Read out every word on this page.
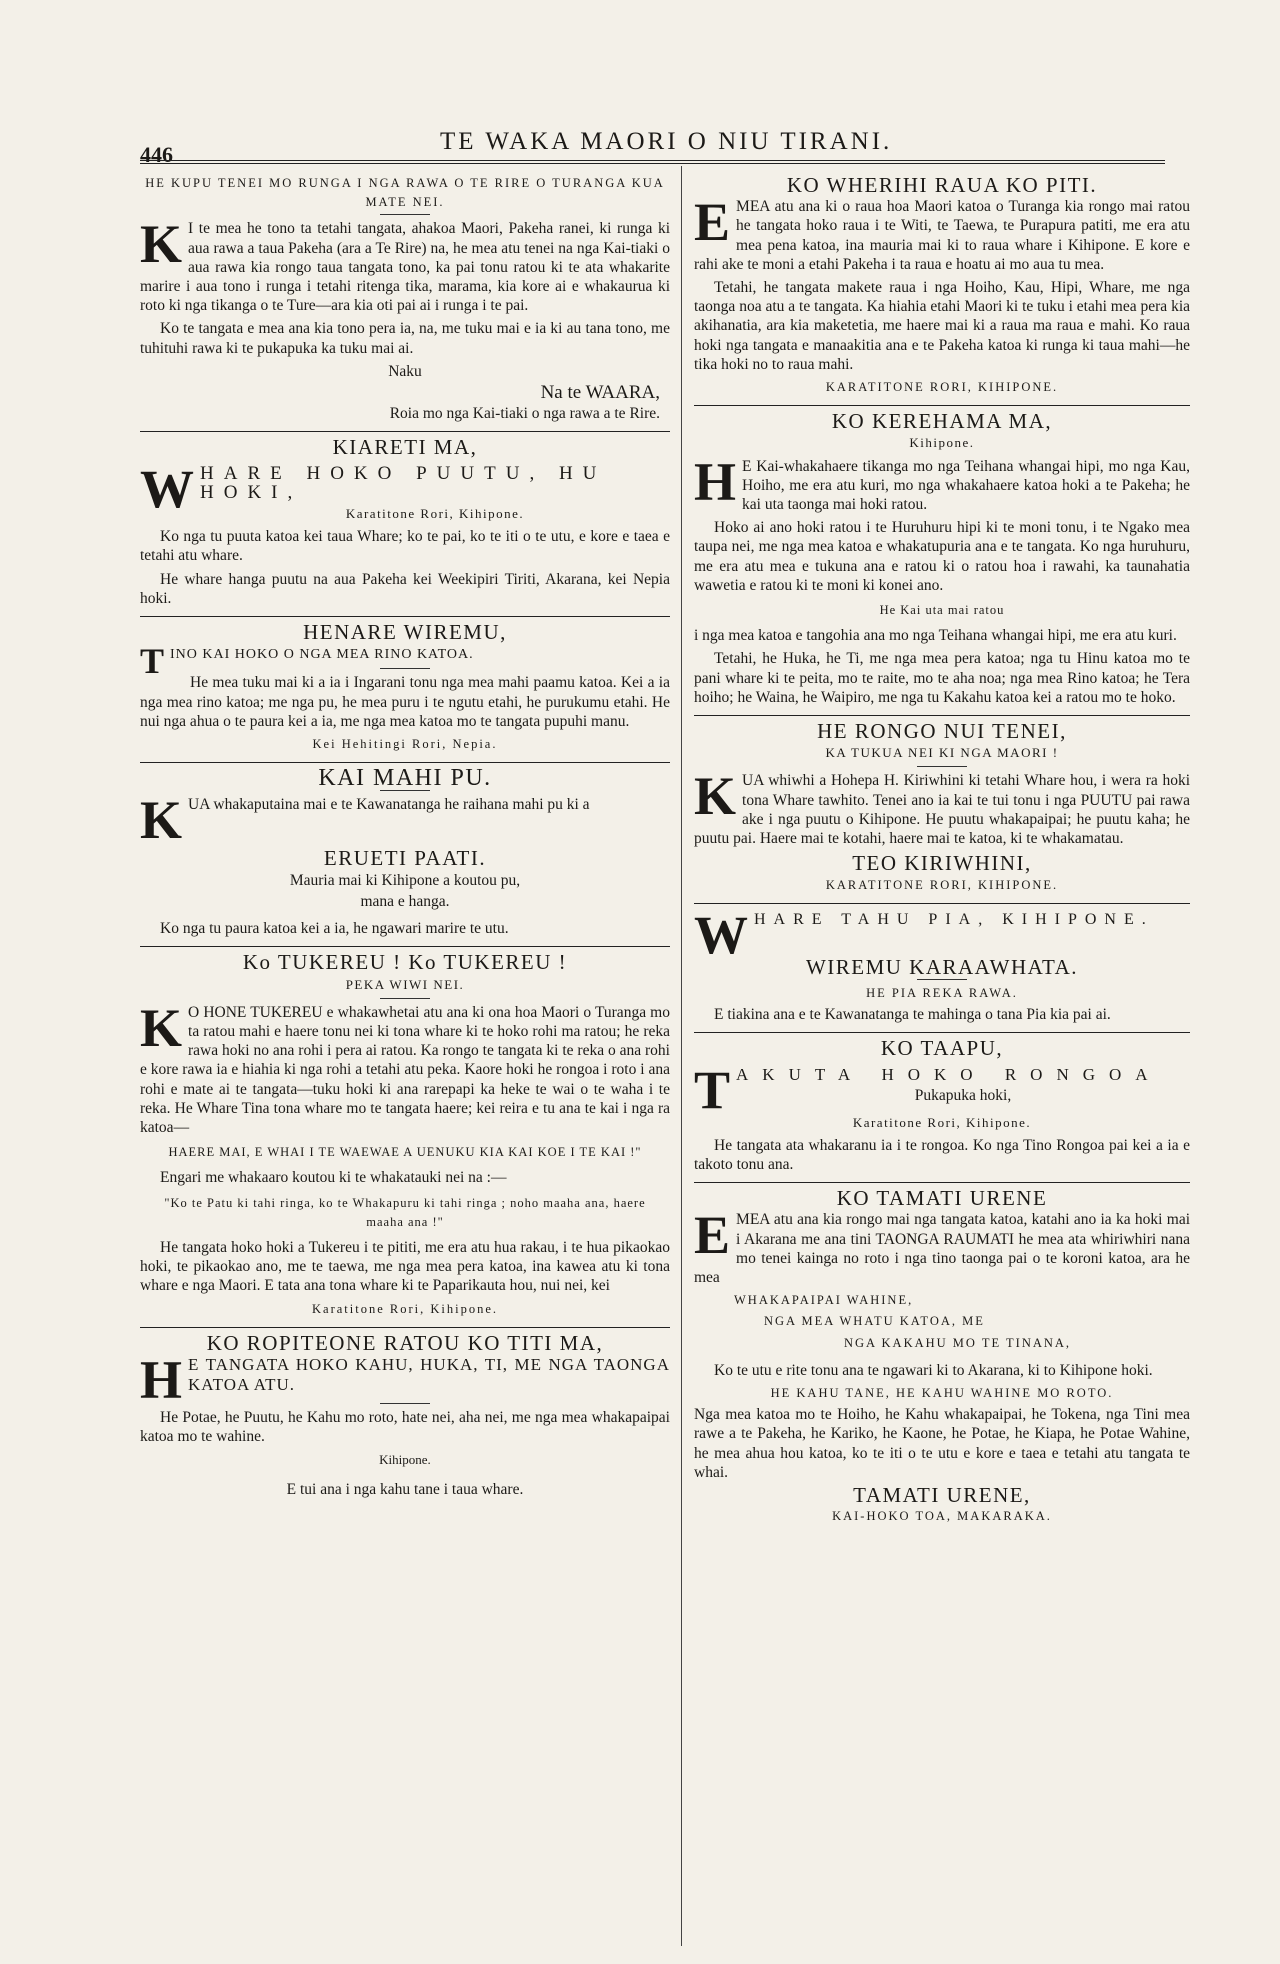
446	TE WAKA MAORI O NIU TIRANI.
HE KUPU TENEI MO RUNGA I NGA RAWA O TE RIRE O TURANGA KUA MATE NEI.

K I te mea he tono ta tetahi tangata, ahakoa Maori, Pakeha ranei, ki runga ki aua rawa a taua Pakeha (ara a Te Rire) na, he mea atu tenei na nga Kai-tiaki o aua rawa kia rongo taua tangata tono, ka pai tonu ratou ki te ata whakarite marire i aua tono i runga i tetahi ritenga tika, marama, kia kore ai e whakaurua ki roto ki nga tikanga o te Ture—ara kia oti pai ai i runga i te pai.

Ko te tangata e mea ana kia tono pera ia, na, me tuku mai e ia ki au tana tono, me tuhituhi rawa ki te pukapuka ka tuku mai ai.

Naku
Na te WAARA,
Roia mo nga Kai-tiaki o nga rawa a te Rire.
KIARETI MA,
W HARE HOKO PUUTU, HU HOKI,
Karatitone Rori, Kihipone.

Ko nga tu puuta katoa kei taua Whare; ko te pai, ko te iti o te utu, e kore e taea e tetahi atu whare.

He whare hanga puutu na aua Pakeha kei Weekipiri Tiriti, Akarana, kei Nepia hoki.

HENARE WIREMU,

TINO KAI HOKO O NGA MEA RINO KATOA.

He mea tuku mai ki a ia i Ingarani tonu nga mea mahi paamu katoa. Kei a ia nga mea rino katoa; me nga pu, he mea puru i te ngutu etahi, he purukumu etahi. He nui nga ahua o te paura kei a ia, me nga mea katoa mo te tangata pupuhi manu.

Kei Hehitingi Rori, Nepia.
KAI MAHI PU.

KUA whakaputaina mai e te Kawanatanga he raihana mahi pu ki a

ERUETI PAATI.
Mauria mai ki Kihipone a koutou pu,
mana e hanga.

Ko nga tu paura katoa kei a ia, he ngawari marire te utu.

Ko TUKEREU ! Ko TUKEREU !
PEKA WIWI NEI.

K O HONE TUKEREU e whakawhetai atu ana ki ona hoa Maori o Turanga mo ta ratou mahi e haere tonu nei ki tona whare ki te hoko rohi ma ratou; he reka rawa hoki no ana rohi i pera ai ratou. Ka rongo te tangata ki te reka o ana rohi e kore rawa ia e hiahia ki nga rohi a tetahi atu peka. Kaore hoki he rongoa i roto i ana rohi e mate ai te tangata—tuku hoki ki ana rarepapi ka heke te wai o te waha i te reka. He Whare Tina tona whare mo te tangata haere; kei reira e tu ana te kai i nga ra katoa—

HAERE MAI, E WHAI I TE WAEWAE A UENUKU KIA KAI KOE I TE KAI !"

Engari me whakaaro koutou ki te whakatauki nei na :—

"Ko te Patu ki tahi ringa, ko te Whakapuru ki tahi ringa ; noho maaha ana, haere maaha ana !"

He tangata hoko hoki a Tukereu i te pititi, me era atu hua rakau, i te hua pikaokao hoki, te pikaokao ano, me te taewa, me nga mea pera katoa, ina kawea atu ki tona whare e nga Maori. E tata ana tona whare ki te Paparikauta hou, nui nei, kei

Karatitone Rori, Kihipone.
KO ROPITEONE RATOU KO TITI MA,

H E TANGATA HOKO KAHU, HUKA, TI, ME NGA TAONGA KATOA ATU.

He Potae, he Puutu, he Kahu mo roto, hate nei, aha nei, me nga mea whakapaipai katoa mo te wahine.

Kihipone.
E tui ana i nga kahu tane i taua whare.
KO WHERIHI RAUA KO PITI.

EMEA atu ana ki o raua hoa Maori katoa o Turanga kia rongo mai ratou he tangata hoko raua i te Witi, te Taewa, te Purapura patiti, me era atu mea pena katoa, ina mauria mai ki to raua whare i Kihipone. E kore e rahi ake te moni a etahi Pakeha i ta raua e hoatu ai mo aua tu mea.

Tetahi, he tangata makete raua i nga Hoiho, Kau, Hipi, Whare, me nga taonga noa atu a te tangata. Ka hiahia etahi Maori ki te tuku i etahi mea pera kia akihanatia, ara kia maketetia, me haere mai ki a raua ma raua e mahi. Ko raua hoki nga tangata e manaakitia ana e te Pakeha katoa ki runga ki taua mahi—he tika hoki no to raua mahi.

KARATITONE RORI, KIHIPONE.
KO KEREHAMA MA,
Kihipone.

H E Kai-whakahaere tikanga mo nga Teihana whangai hipi, mo nga Kau, Hoiho, me era atu kuri, mo nga whakahaere katoa hoki a te Pakeha; he kai uta taonga mai hoki ratou.

Hoko ai ano hoki ratou i te Huruhuru hipi ki te moni tonu, i te Ngako mea taupa nei, me nga mea katoa e whakatupuria ana e te tangata. Ko nga huruhuru, me era atu mea e tukuna ana e ratou ki o ratou hoa i rawahi, ka taunahatia wawetia e ratou ki te moni ki konei ano.

He Kai uta mai ratou

i nga mea katoa e tangohia ana mo nga Teihana whangai hipi, me era atu kuri.

Tetahi, he Huka, he Ti, me nga mea pera katoa; nga tu Hinu katoa mo te pani whare ki te peita, mo te raite, mo te aha noa; nga mea Rino katoa; he Tera hoiho; he Waina, he Waipiro, me nga tu Kakahu katoa kei a ratou mo te hoko.

HE RONGO NUI TENEI,
KA TUKUA NEI KI NGA MAORI !

KUA whiwhi a Hohepa H. Kiriwhini ki tetahi Whare hou, i wera ra hoki tona Whare tawhito. Tenei ano ia kai te tui tonu i nga PUUTU pai rawa ake i nga puutu o Kihipone. He puutu whakapaipai; he puutu kaha; he puutu pai. Haere mai te kotahi, haere mai te katoa, ki te whakamatau.

TEO KIRIWHINI,
KARATITONE RORI, KIHIPONE.
W HARE TAHU PIA, KIHIPONE.
WIREMU KARAAWHATA.
HE PIA REKA RAWA.

E tiakina ana e te Kawanatanga te mahinga o tana Pia kia pai ai.

KO TAAPU,
T AKUTA HOKO RONGOA
Pukapuka hoki,
Karatitone Rori, Kihipone.

He tangata ata whakaranu ia i te rongoa. Ko nga Tino Rongoa pai kei a ia e takoto tonu ana.

KO TAMATI URENE

EMEA atu ana kia rongo mai nga tangata katoa, katahi ano ia ka hoki mai i Akarana me ana tini TAONGA RAUMATI he mea ata whiriwhiri nana mo tenei kainga no roto i nga tino taonga pai o te koroni katoa, ara he mea

WHAKAPAIPAI WAHINE,
NGA MEA WHATU KATOA, ME
NGA KAKAHU MO TE TINANA,

Ko te utu e rite tonu ana te ngawari ki to Akarana, ki to Kihipone hoki.

HE KAHU TANE, HE KAHU WAHINE MO ROTO.

Nga mea katoa mo te Hoiho, he Kahu whakapaipai, he Tokena, nga Tini mea rawe a te Pakeha, he Kariko, he Kaone, he Potae, he Kiapa, he Potae Wahine, he mea ahua hou katoa, ko te iti o te utu e kore e taea e tetahi atu tangata te whai.

TAMATI URENE,
KAI-HOKO TOA, MAKARAKA.
